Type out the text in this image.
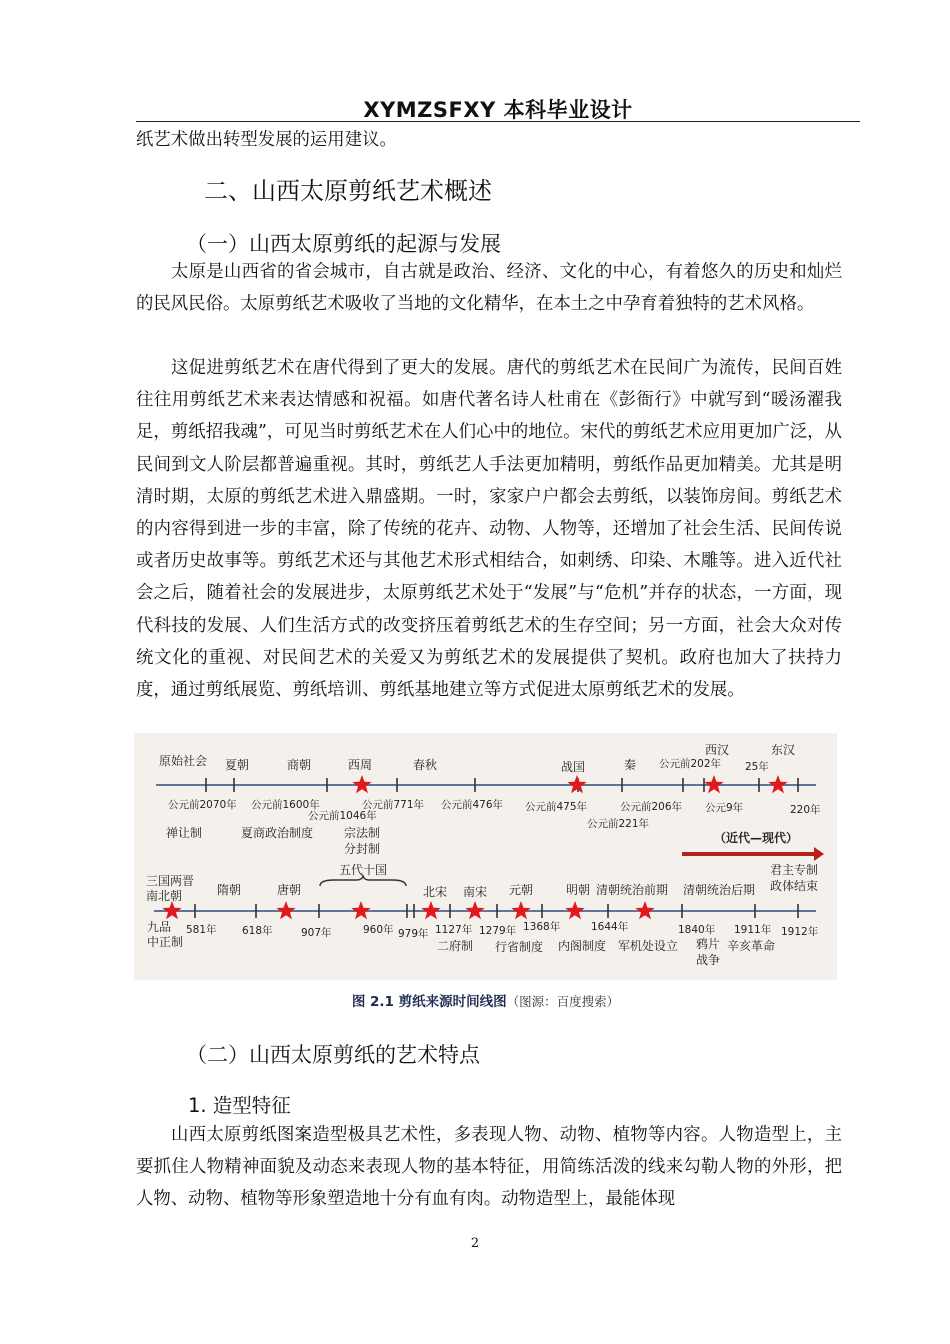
XYMZSFXY 本科毕业设计

纸艺术做出转型发展的运用建议。

二、山西太原剪纸艺术概述
（一）山西太原剪纸的起源与发展

太原是山西省的省会城市，自古就是政治、经济、文化的中心，有着悠久的历史和灿烂的民风民俗。太原剪纸艺术吸收了当地的文化精华，在本土之中孕育着独特的艺术风格。

这促进剪纸艺术在唐代得到了更大的发展。唐代的剪纸艺术在民间广为流传，民间百姓往往用剪纸艺术来表达情感和祝福。如唐代著名诗人杜甫在《彭衙行》中就写到“暖汤濯我足，剪纸招我魂”，可见当时剪纸艺术在人们心中的地位。宋代的剪纸艺术应用更加广泛，从民间到文人阶层都普遍重视。其时，剪纸艺人手法更加精明，剪纸作品更加精美。尤其是明清时期，太原的剪纸艺术进入鼎盛期。一时，家家户户都会去剪纸，以装饰房间。剪纸艺术的内容得到进一步的丰富，除了传统的花卉、动物、人物等，还增加了社会生活、民间传说或者历史故事等。剪纸艺术还与其他艺术形式相结合，如刺绣、印染、木雕等。进入近代社会之后，随着社会的发展进步，太原剪纸艺术处于“发展”与“危机”并存的状态，一方面，现代科技的发展、人们生活方式的改变挤压着剪纸艺术的生存空间；另一方面，社会大众对传统文化的重视、对民间艺术的关爱又为剪纸艺术的发展提供了契机。政府也加大了扶持力度，通过剪纸展览、剪纸培训、剪纸基地建立等方式促进太原剪纸艺术的发展。

原始社会 夏朝	商朝	西周	春秋	战国	秦
西汉	东汉
公元前2070年 公元前1600年
公元前1046年
公元前771年 公元前476年 公元前475年	公元前206年
公元前221年
公元前202年 25年
公元9年	220年
禅让制	夏商政治制度	宗法制
分封制
（近代—现代）
三国两晋
南北朝	隋朝	唐朝
五代十国
北宋 南宋 元朝	明朝 清朝统治前期 清朝统治后期
君主专制
政体结束
581年 618年	907年	960年 979年 1127年 1279年 1368年	1644年	1840年 1911年 1912年
九品
中正制	二府制 行省制度 内阁制度 军机处设立 鸦片
战争
辛亥革命
图 2.1 剪纸来源时间线图（图源：百度搜索）
（二）山西太原剪纸的艺术特点
1. 造型特征

山西太原剪纸图案造型极具艺术性，多表现人物、动物、植物等内容。人物造型上，主要抓住人物精神面貌及动态来表现人物的基本特征，用简练活泼的线来勾勒人物的外形，把人物、动物、植物等形象塑造地十分有血有肉。动物造型上，最能体现

2
